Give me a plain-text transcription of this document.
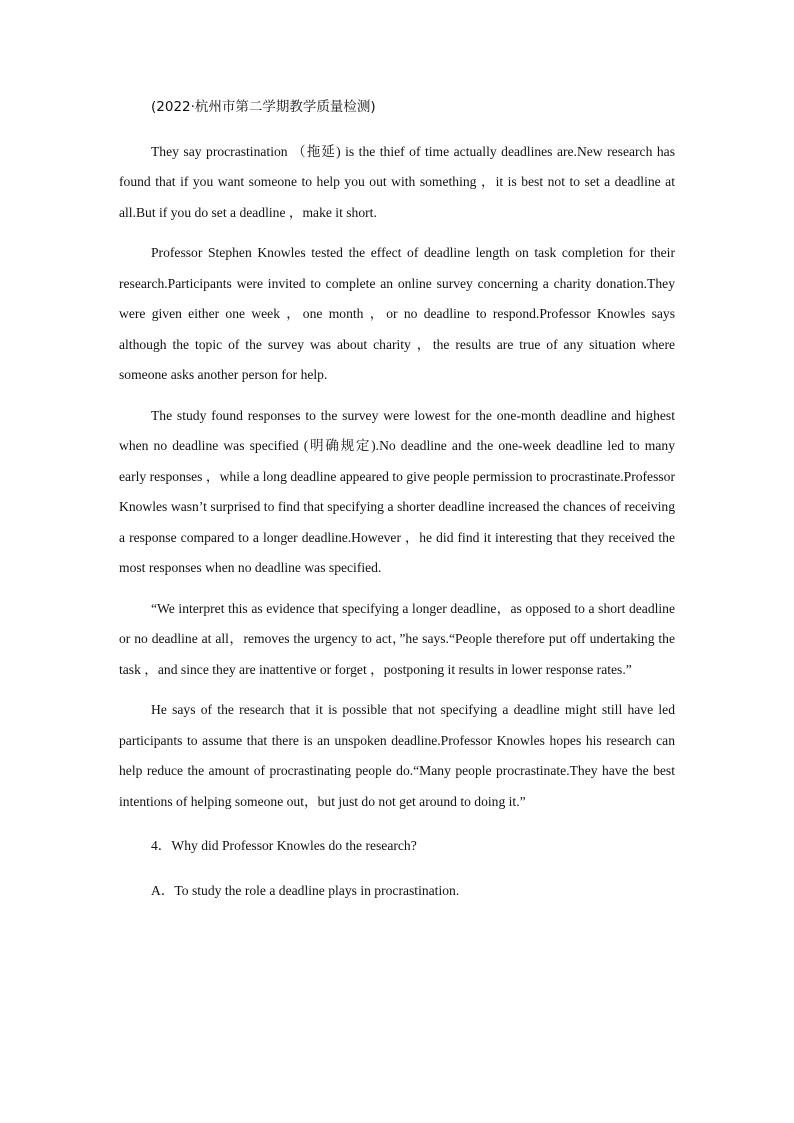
(2022·杭州市第二学期教学质量检测)

They say procrastination （拖延) is the thief of time actually deadlines are.New research has found that if you want someone to help you out with something ，it is best not to set a deadline at all.But if you do set a deadline ，make it short.

Professor Stephen Knowles tested the effect of deadline length on task completion for their research.Participants were invited to complete an online survey concerning a charity donation.They were given either one week ，one month ，or no deadline to respond.Professor Knowles says although the topic of the survey was about charity ，the results are true of any situation where someone asks another person for help.

The study found responses to the survey were lowest for the one-month deadline and highest when no deadline was specified (明确规定).No deadline and the one-week deadline led to many early responses ，while a long deadline appeared to give people permission to procrastinate.Professor Knowles wasn’t surprised to find that specifying a shorter deadline increased the chances of receiving a response compared to a longer deadline.However ，he did find it interesting that they received the most responses when no deadline was specified.

“We interpret this as evidence that specifying a longer deadline，as opposed to a short deadline or no deadline at all，removes the urgency to act，”he says.“People therefore put off undertaking the task ，and since they are inattentive or forget ，postponing it results in lower response rates.”

He says of the research that it is possible that not specifying a deadline might still have led participants to assume that there is an unspoken deadline.Professor Knowles hopes his research can help reduce the amount of procrastinating people do.“Many people procrastinate.They have the best intentions of helping someone out，but just do not get around to doing it.”

4．Why did Professor Knowles do the research?
A．To study the role a deadline plays in procrastination.
